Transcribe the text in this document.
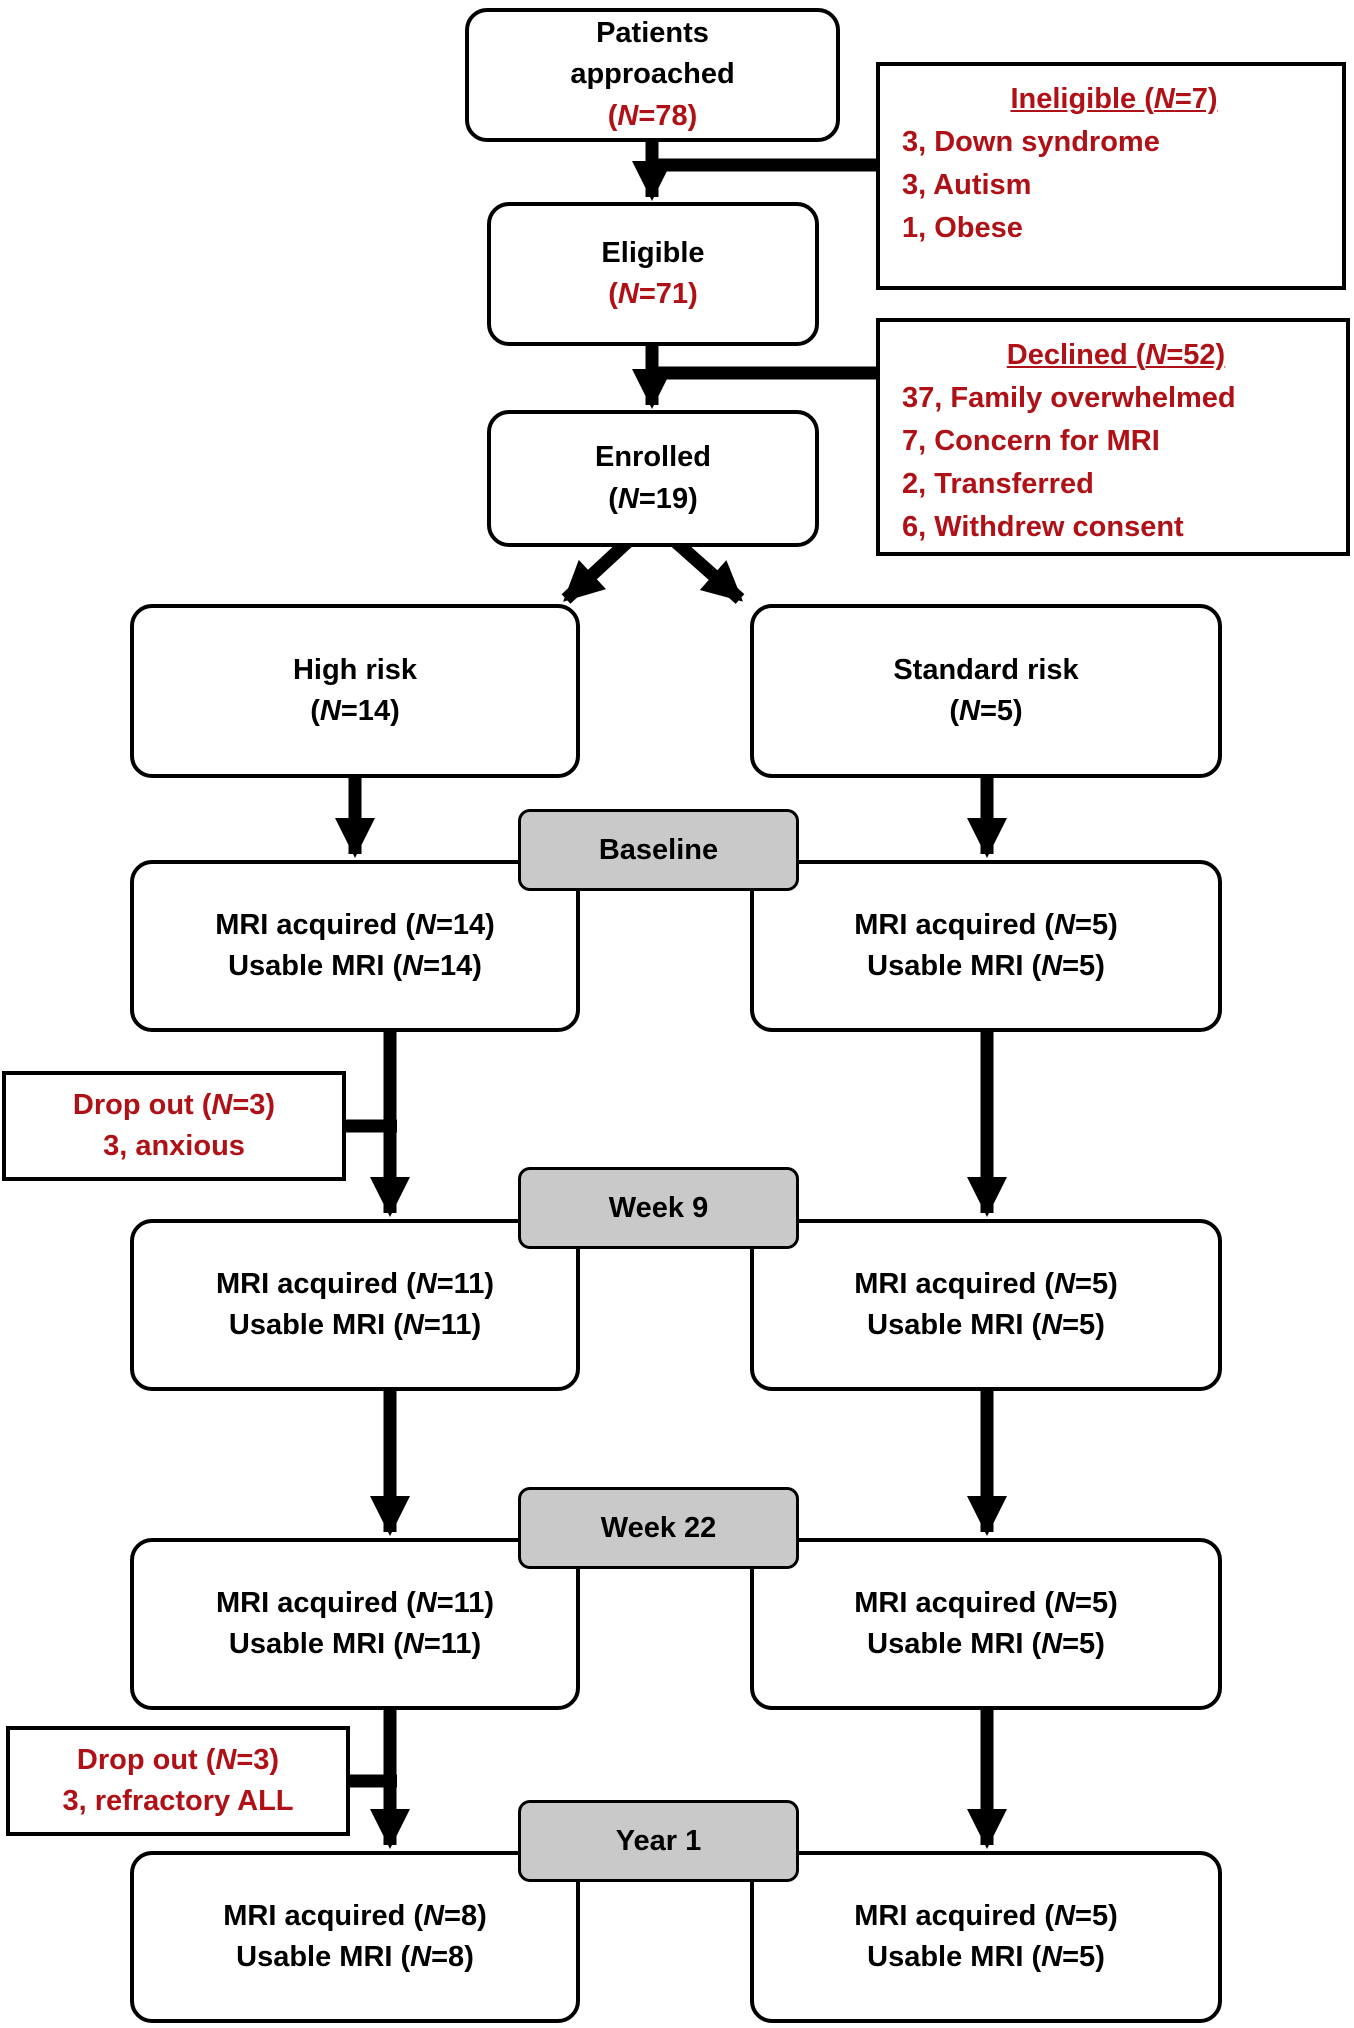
Patients approached
(N=78)
Ineligible (N=7)
3, Down syndrome
3, Autism
1, Obese
Eligible
(N=71)
Declined (N=52)
37, Family overwhelmed
7, Concern for MRI
2, Transferred
6, Withdrew consent
Enrolled
(N=19)
High risk
(N=14)
Standard risk
(N=5)
Baseline
MRI acquired (N=14)
Usable MRI (N=14)
MRI acquired (N=5)
Usable MRI (N=5)
Drop out (N=3)
3, anxious
Week 9
MRI acquired (N=11)
Usable MRI (N=11)
MRI acquired (N=5)
Usable MRI (N=5)
Week 22
MRI acquired (N=11)
Usable MRI (N=11)
MRI acquired (N=5)
Usable MRI (N=5)
Drop out (N=3)
3, refractory ALL
Year 1
MRI acquired (N=8)
Usable MRI (N=8)
MRI acquired (N=5)
Usable MRI (N=5)
